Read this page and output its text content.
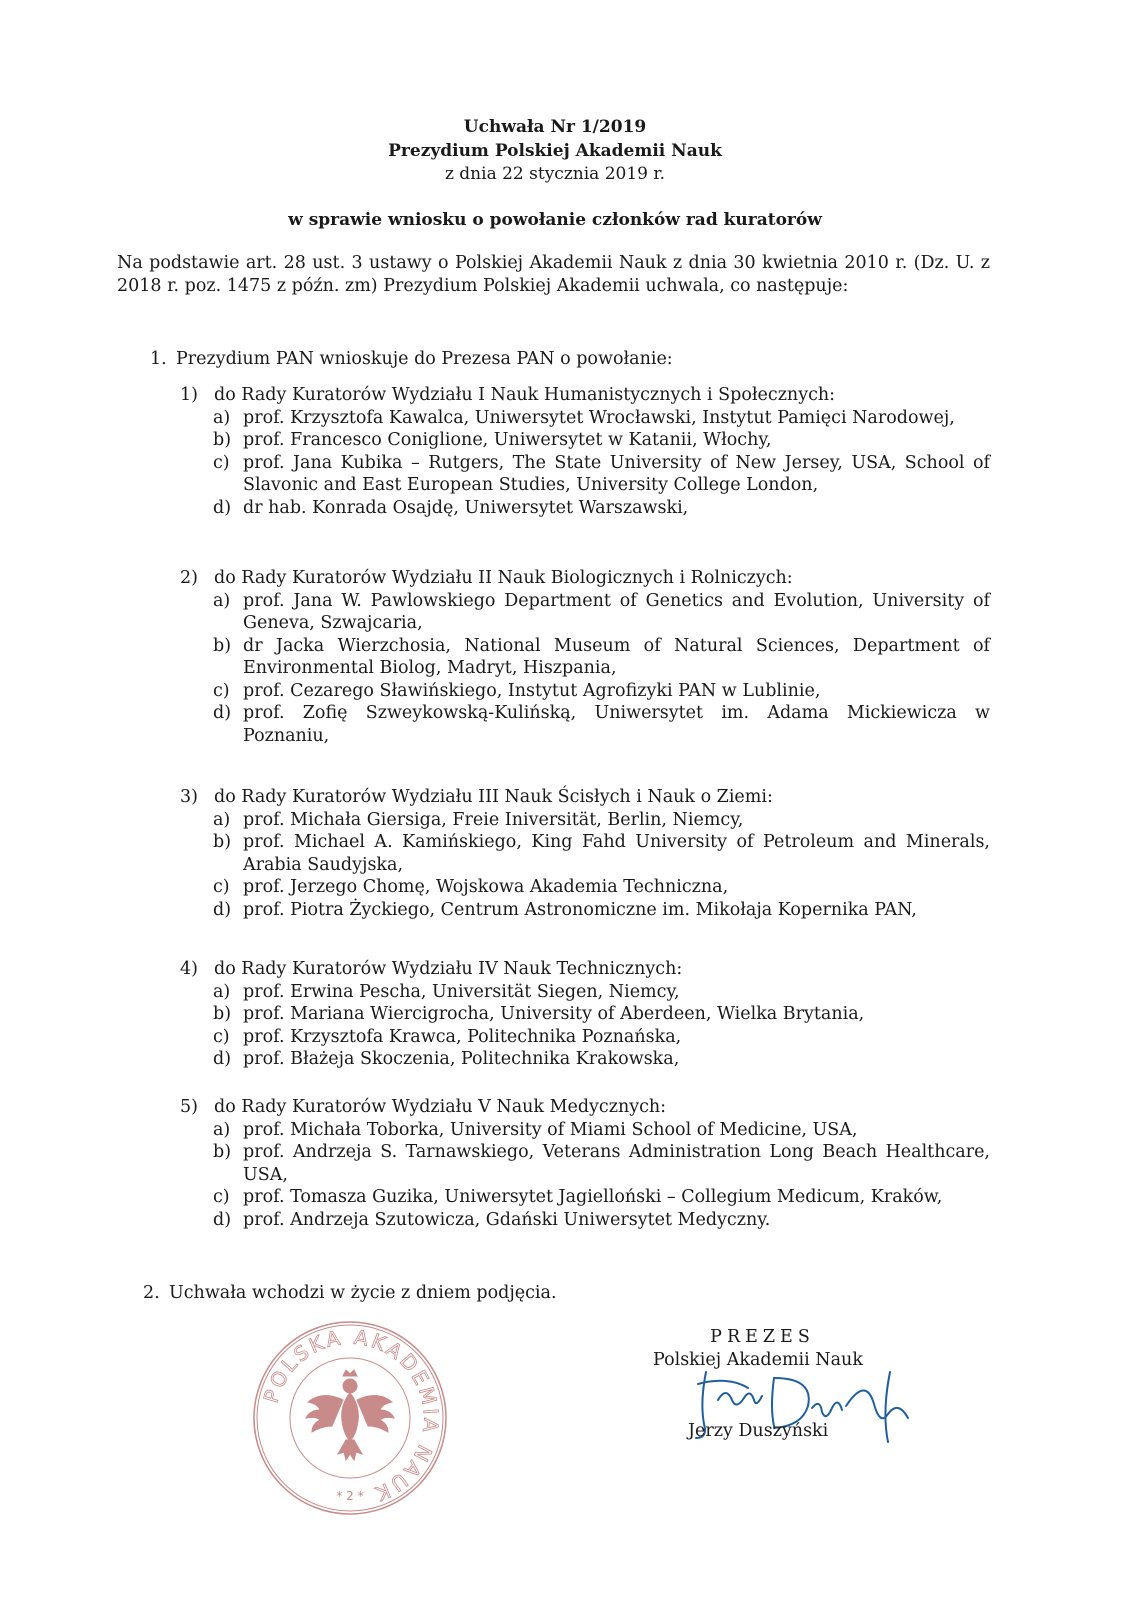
Uchwała Nr 1/2019
Prezydium Polskiej Akademii Nauk
z dnia 22 stycznia 2019 r.
w sprawie wniosku o powołanie członków rad kuratorów
Na podstawie art. 28 ust. 3 ustawy o Polskiej Akademii Nauk z dnia 30 kwietnia 2010 r. (Dz. U. z 2018 r. poz. 1475 z późn. zm) Prezydium Polskiej Akademii uchwala, co następuje:
1. Prezydium PAN wnioskuje do Prezesa PAN o powołanie:
1) do Rady Kuratorów Wydziału I Nauk Humanistycznych i Społecznych:
a) prof. Krzysztofa Kawalca, Uniwersytet Wrocławski, Instytut Pamięci Narodowej,
b) prof. Francesco Coniglione, Uniwersytet w Katanii, Włochy,
c) prof. Jana Kubika – Rutgers, The State University of New Jersey, USA, School of Slavonic and East European Studies, University College London,
d) dr hab. Konrada Osajdę, Uniwersytet Warszawski,
2) do Rady Kuratorów Wydziału II Nauk Biologicznych i Rolniczych:
a) prof. Jana W. Pawlowskiego Department of Genetics and Evolution, University of Geneva, Szwajcaria,
b) dr Jacka Wierzchosia, National Museum of Natural Sciences, Department of Environmental Biolog, Madryt, Hiszpania,
c) prof. Cezarego Sławińskiego, Instytut Agrofizyki PAN w Lublinie,
d) prof. Zofię Szweykowską-Kulińską, Uniwersytet im. Adama Mickiewicza w Poznaniu,
3) do Rady Kuratorów Wydziału III Nauk Ścisłych i Nauk o Ziemi:
a) prof. Michała Giersiga, Freie Iniversität, Berlin, Niemcy,
b) prof. Michael A. Kamińskiego, King Fahd University of Petroleum and Minerals, Arabia Saudyjska,
c) prof. Jerzego Chomę, Wojskowa Akademia Techniczna,
d) prof. Piotra Życkiego, Centrum Astronomiczne im. Mikołaja Kopernika PAN,
4) do Rady Kuratorów Wydziału IV Nauk Technicznych:
a) prof. Erwina Pescha, Universität Siegen, Niemcy,
b) prof. Mariana Wiercigrocha, University of Aberdeen, Wielka Brytania,
c) prof. Krzysztofa Krawca, Politechnika Poznańska,
d) prof. Błażeja Skoczenia, Politechnika Krakowska,
5) do Rady Kuratorów Wydziału V Nauk Medycznych:
a) prof. Michała Toborka, University of Miami School of Medicine, USA,
b) prof. Andrzeja S. Tarnawskiego, Veterans Administration Long Beach Healthcare, USA,
c) prof. Tomasza Guzika, Uniwersytet Jagielloński – Collegium Medicum, Kraków,
d) prof. Andrzeja Szutowicza, Gdański Uniwersytet Medyczny.
2. Uchwała wchodzi w życie z dniem podjęcia.
POLSKA AKADEMIA NAUK
* 2 *
PREZES
Polskiej Akademii Nauk
Jerzy Duszyński
